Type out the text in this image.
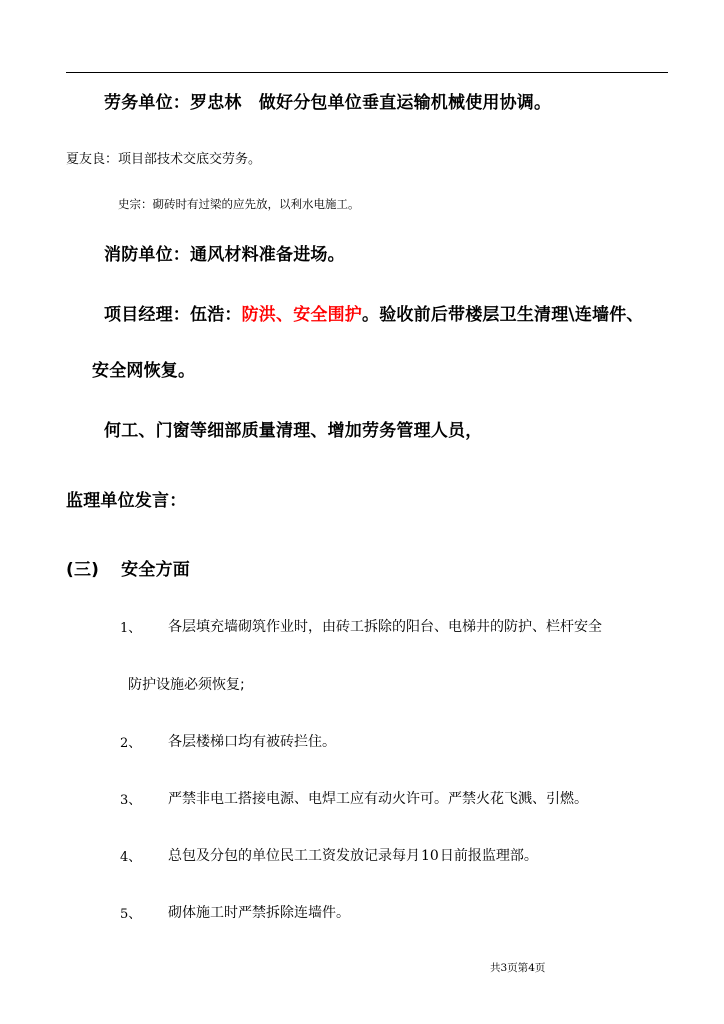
劳务单位：罗忠林　做好分包单位垂直运输机械使用协调。

夏友良：项目部技术交底交劳务。

史宗：砌砖时有过梁的应先放，以利水电施工。

消防单位：通风材料准备进场。

项目经理：伍浩：防洪、安全围护。验收前后带楼层卫生清理\连墙件、

安全网恢复。

何工、门窗等细部质量清理、增加劳务管理人员，

监理单位发言：

(三) 安全方面

1、 各层填充墙砌筑作业时，由砖工拆除的阳台、电梯井的防护、栏杆安全

防护设施必须恢复;

2、 各层楼梯口均有被砖拦住。

3、 严禁非电工搭接电源、电焊工应有动火许可。严禁火花飞溅、引燃。

4、 总包及分包的单位民工工资发放记录每月10日前报监理部。

5、 砌体施工时严禁拆除连墙件。

共3页第4页
